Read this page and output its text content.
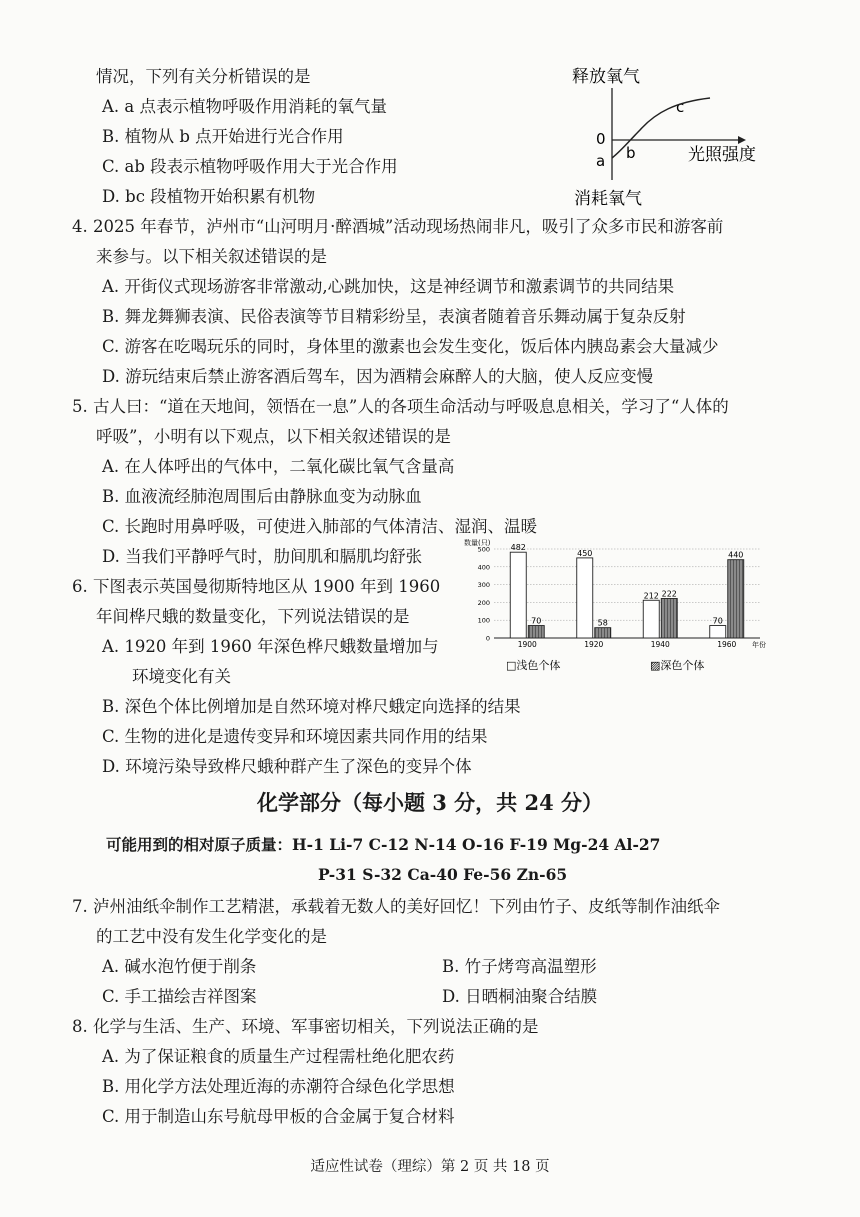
情况，下列有关分析错误的是
A. a 点表示植物呼吸作用消耗的氧气量
B. 植物从 b 点开始进行光合作用
C. ab 段表示植物呼吸作用大于光合作用
D. bc 段植物开始积累有机物
释放氧气
消耗氧气
0
a b
c
光照强度
4. 2025 年春节，泸州市“山河明月·醉酒城”活动现场热闹非凡，吸引了众多市民和游客前
来参与。以下相关叙述错误的是
A. 开街仪式现场游客非常激动,心跳加快，这是神经调节和激素调节的共同结果
B. 舞龙舞狮表演、民俗表演等节目精彩纷呈，表演者随着音乐舞动属于复杂反射
C. 游客在吃喝玩乐的同时，身体里的激素也会发生变化，饭后体内胰岛素会大量减少
D. 游玩结束后禁止游客酒后驾车，因为酒精会麻醉人的大脑，使人反应变慢
5. 古人曰：“道在天地间，领悟在一息”人的各项生命活动与呼吸息息相关，学习了“人体的
呼吸”，小明有以下观点，以下相关叙述错误的是
A. 在人体呼出的气体中，二氧化碳比氧气含量高
B. 血液流经肺泡周围后由静脉血变为动脉血
C. 长跑时用鼻呼吸，可使进入肺部的气体清洁、湿润、温暖
D. 当我们平静呼气时，肋间肌和膈肌均舒张
6. 下图表示英国曼彻斯特地区从 1900 年到 1960
年间桦尺蛾的数量变化，下列说法错误的是
A. 1920 年到 1960 年深色桦尺蛾数量增加与
环境变化有关
B. 深色个体比例增加是自然环境对桦尺蛾定向选择的结果
C. 生物的进化是遗传变异和环境因素共同作用的结果
D. 环境污染导致桦尺蛾种群产生了深色的变异个体
数量(只)
年份
0
100
200
300
400
500	482
70
450
58
212 222
70
440
1900	1920	1940	1960
□浅色个体	▨深色个体
化学部分（每小题 3 分，共 24 分）
可能用到的相对原子质量：H-1 Li-7 C-12 N-14 O-16 F-19 Mg-24 Al-27
P-31 S-32 Ca-40 Fe-56 Zn-65
7. 泸州油纸伞制作工艺精湛，承载着无数人的美好回忆！下列由竹子、皮纸等制作油纸伞
的工艺中没有发生化学变化的是
A. 碱水泡竹便于削条	B. 竹子烤弯高温塑形
C. 手工描绘吉祥图案	D. 日晒桐油聚合结膜
8. 化学与生活、生产、环境、军事密切相关，下列说法正确的是
A. 为了保证粮食的质量生产过程需杜绝化肥农药
B. 用化学方法处理近海的赤潮符合绿色化学思想
C. 用于制造山东号航母甲板的合金属于复合材料
适应性试卷（理综）第 2 页 共 18 页
